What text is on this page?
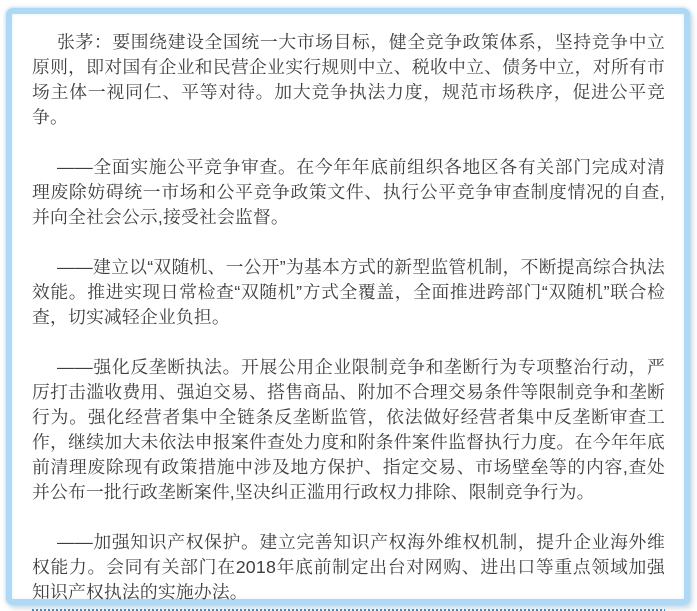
张茅：要围绕建设全国统一大市场目标，健全竞争政策体系，坚持竞争中立原则，即对国有企业和民营企业实行规则中立、税收中立、债务中立，对所有市场主体一视同仁、平等对待。加大竞争执法力度，规范市场秩序，促进公平竞争。

——全面实施公平竞争审查。在今年年底前组织各地区各有关部门完成对清理废除妨碍统一市场和公平竞争政策文件、执行公平竞争审查制度情况的自查,并向全社会公示,接受社会监督。

——建立以“双随机、一公开”为基本方式的新型监管机制，不断提高综合执法效能。推进实现日常检查“双随机”方式全覆盖，全面推进跨部门“双随机”联合检查，切实减轻企业负担。

——强化反垄断执法。开展公用企业限制竞争和垄断行为专项整治行动，严厉打击滥收费用、强迫交易、搭售商品、附加不合理交易条件等限制竞争和垄断行为。强化经营者集中全链条反垄断监管，依法做好经营者集中反垄断审查工作，继续加大未依法申报案件查处力度和附条件案件监督执行力度。在今年年底前清理废除现有政策措施中涉及地方保护、指定交易、市场壁垒等的内容,查处并公布一批行政垄断案件,坚决纠正滥用行政权力排除、限制竞争行为。

——加强知识产权保护。建立完善知识产权海外维权机制，提升企业海外维权能力。会同有关部门在2018年底前制定出台对网购、进出口等重点领域加强知识产权执法的实施办法。
